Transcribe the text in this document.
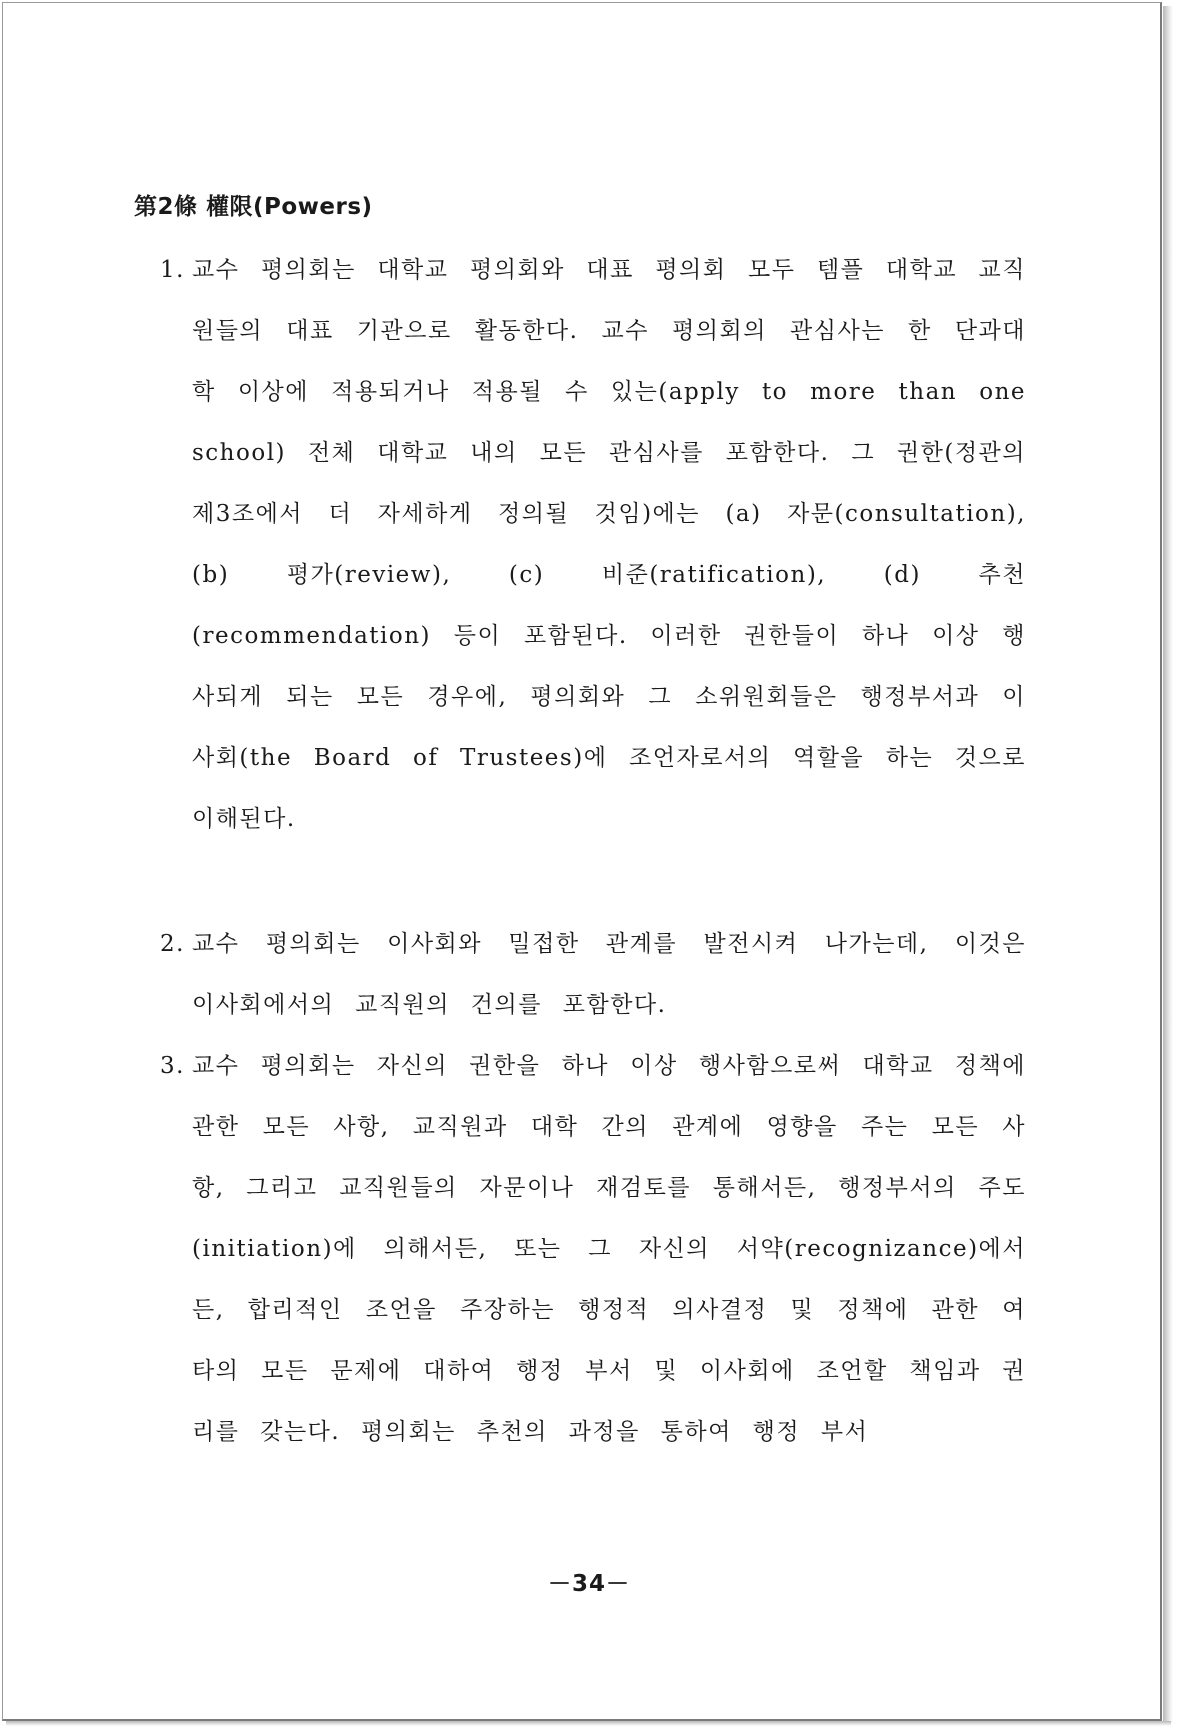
第2條 權限(Powers)
1. 교수 평의회는 대학교 평의회와 대표 평의회 모두 템플 대학교 교직원들의 대표 기관으로 활동한다. 교수 평의회의 관심사는 한 단과대학 이상에 적용되거나 적용될 수 있는(apply to more than one school) 전체 대학교 내의 모든 관심사를 포함한다. 그 권한(정관의 제3조에서 더 자세하게 정의될 것임)에는 (a) 자문(consultation), (b) 평가(review), (c) 비준(ratification), (d) 추천(recommendation) 등이 포함된다. 이러한 권한들이 하나 이상 행사되게 되는 모든 경우에, 평의회와 그 소위원회들은 행정부서과 이사회(the Board of Trustees)에 조언자로서의 역할을 하는 것으로 이해된다.
2. 교수 평의회는 이사회와 밀접한 관계를 발전시켜 나가는데, 이것은 이사회에서의 교직원의 건의를 포함한다.
3. 교수 평의회는 자신의 권한을 하나 이상 행사함으로써 대학교 정책에 관한 모든 사항, 교직원과 대학 간의 관계에 영향을 주는 모든 사항, 그리고 교직원들의 자문이나 재검토를 통해서든, 행정부서의 주도(initiation)에 의해서든, 또는 그 자신의 서약(recognizance)에서든, 합리적인 조언을 주장하는 행정적 의사결정 및 정책에 관한 여타의 모든 문제에 대하여 행정 부서 및 이사회에 조언할 책임과 권리를 갖는다. 평의회는 추천의 과정을 통하여 행정 부서
－34－
